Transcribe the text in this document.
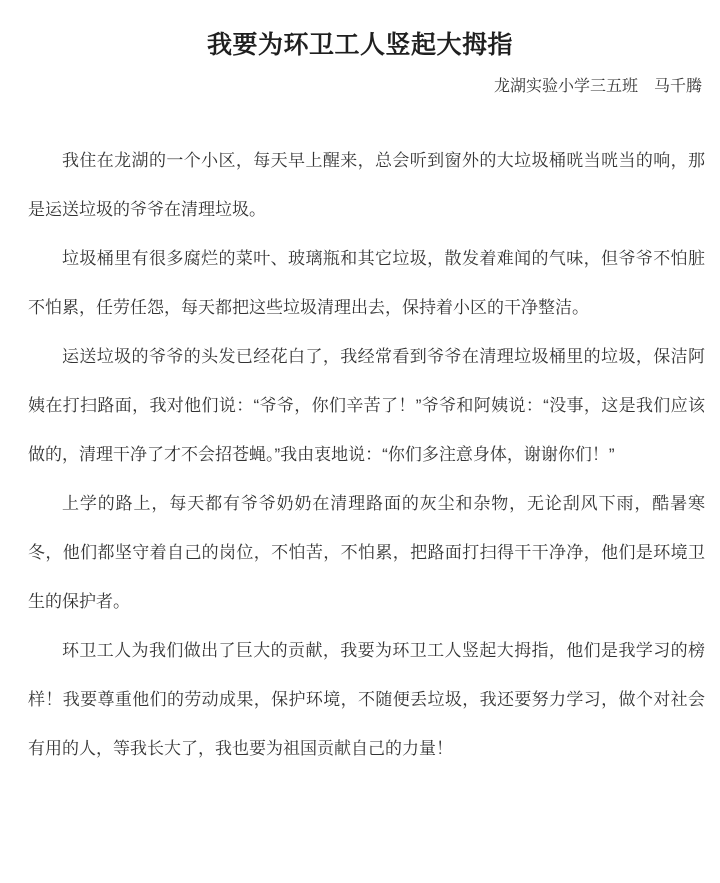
我要为环卫工人竖起大拇指

龙湖实验小学三五班　马千腾

我住在龙湖的一个小区，每天早上醒来，总会听到窗外的大垃圾桶咣当咣当的响，那是运送垃圾的爷爷在清理垃圾。

垃圾桶里有很多腐烂的菜叶、玻璃瓶和其它垃圾，散发着难闻的气味，但爷爷不怕脏不怕累，任劳任怨，每天都把这些垃圾清理出去，保持着小区的干净整洁。

运送垃圾的爷爷的头发已经花白了，我经常看到爷爷在清理垃圾桶里的垃圾，保洁阿姨在打扫路面，我对他们说：“爷爷，你们辛苦了！”爷爷和阿姨说：“没事，这是我们应该做的，清理干净了才不会招苍蝇。”我由衷地说：“你们多注意身体，谢谢你们！”

上学的路上，每天都有爷爷奶奶在清理路面的灰尘和杂物，无论刮风下雨，酷暑寒冬，他们都坚守着自己的岗位，不怕苦，不怕累，把路面打扫得干干净净，他们是环境卫生的保护者。

环卫工人为我们做出了巨大的贡献，我要为环卫工人竖起大拇指，他们是我学习的榜样！我要尊重他们的劳动成果，保护环境，不随便丢垃圾，我还要努力学习，做个对社会有用的人，等我长大了，我也要为祖国贡献自己的力量！
